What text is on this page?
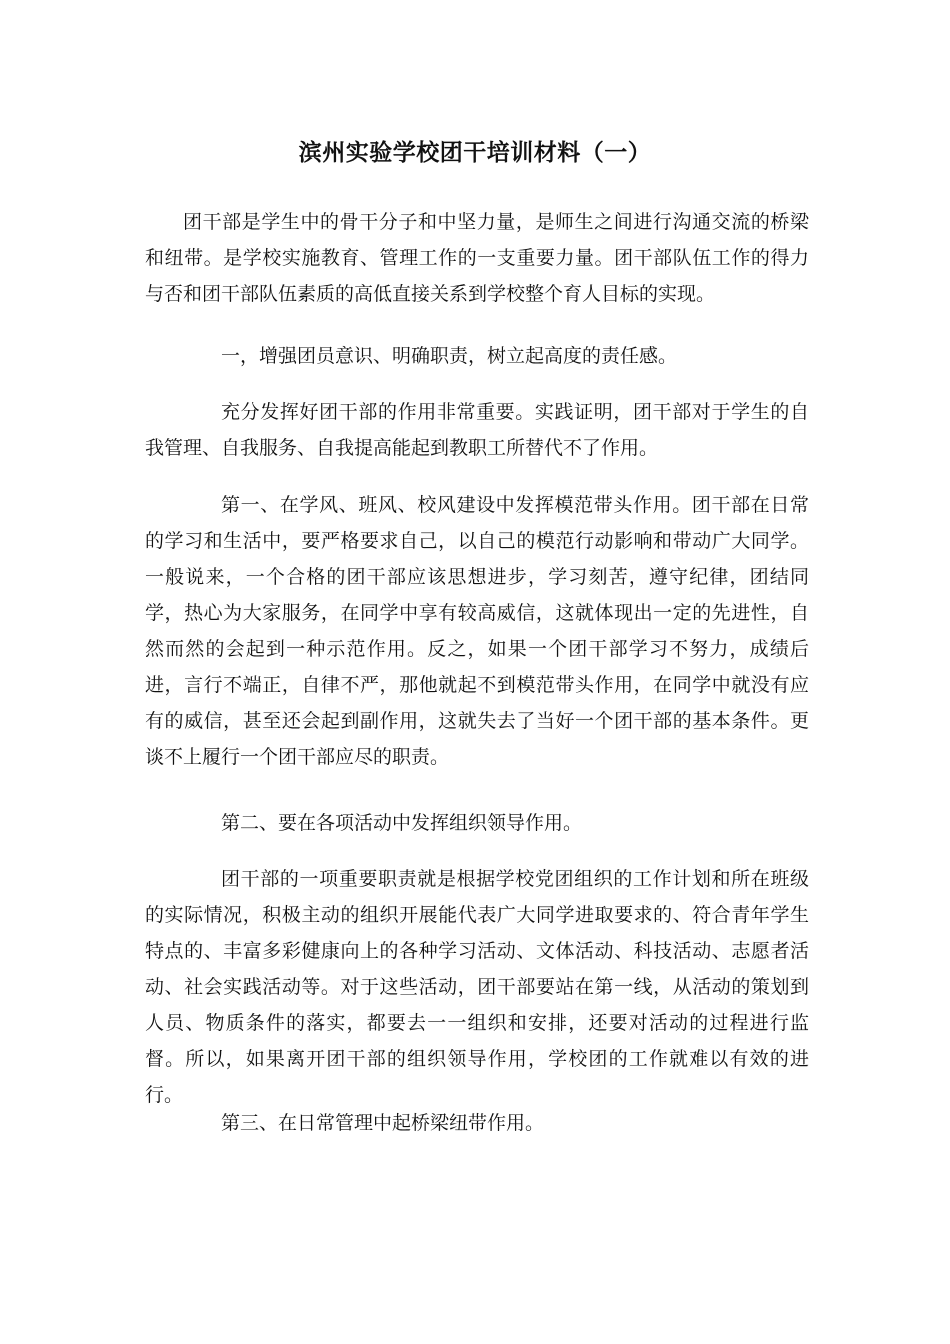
滨州实验学校团干培训材料（一）

团干部是学生中的骨干分子和中坚力量，是师生之间进行沟通交流的桥梁和纽带。是学校实施教育、管理工作的一支重要力量。团干部队伍工作的得力与否和团干部队伍素质的高低直接关系到学校整个育人目标的实现。

一，增强团员意识、明确职责，树立起高度的责任感。

充分发挥好团干部的作用非常重要。实践证明，团干部对于学生的自我管理、自我服务、自我提高能起到教职工所替代不了作用。

第一、在学风、班风、校风建设中发挥模范带头作用。团干部在日常的学习和生活中，要严格要求自己，以自己的模范行动影响和带动广大同学。一般说来，一个合格的团干部应该思想进步，学习刻苦，遵守纪律，团结同学，热心为大家服务，在同学中享有较高威信，这就体现出一定的先进性，自然而然的会起到一种示范作用。反之，如果一个团干部学习不努力，成绩后进，言行不端正，自律不严，那他就起不到模范带头作用，在同学中就没有应有的威信，甚至还会起到副作用，这就失去了当好一个团干部的基本条件。更谈不上履行一个团干部应尽的职责。

第二、要在各项活动中发挥组织领导作用。

团干部的一项重要职责就是根据学校党团组织的工作计划和所在班级的实际情况，积极主动的组织开展能代表广大同学进取要求的、符合青年学生特点的、丰富多彩健康向上的各种学习活动、文体活动、科技活动、志愿者活动、社会实践活动等。对于这些活动，团干部要站在第一线，从活动的策划到人员、物质条件的落实，都要去一一组织和安排，还要对活动的过程进行监督。所以，如果离开团干部的组织领导作用，学校团的工作就难以有效的进行。

第三、在日常管理中起桥梁纽带作用。
